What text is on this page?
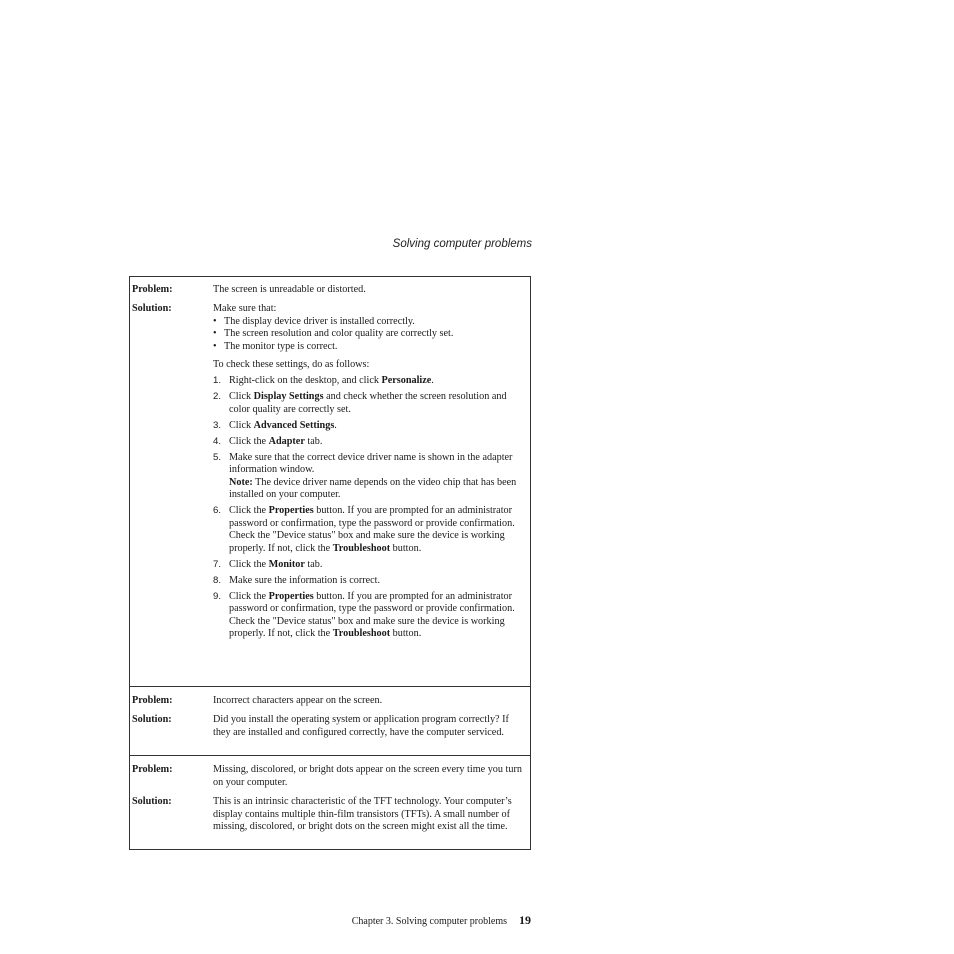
Solving computer problems
Problem:	The screen is unreadable or distorted.

Solution:	Make sure that:

• The display device driver is installed correctly.
• The screen resolution and color quality are correctly set.
• The monitor type is correct.

To check these settings, do as follows:

1. Right-click on the desktop, and click Personalize.
2. Click Display Settings and check whether the screen resolution and color quality are correctly set.
3. Click Advanced Settings.
4. Click the Adapter tab.
5. Make sure that the correct device driver name is shown in the adapter information window.
Note: The device driver name depends on the video chip that has been installed on your computer.
6. Click the Properties button. If you are prompted for an administrator password or confirmation, type the password or provide confirmation. Check the "Device status" box and make sure the device is working properly. If not, click the Troubleshoot button.
7. Click the Monitor tab.
8. Make sure the information is correct.
9. Click the Properties button. If you are prompted for an administrator password or confirmation, type the password or provide confirmation. Check the "Device status" box and make sure the device is working properly. If not, click the Troubleshoot button.
Problem:	Incorrect characters appear on the screen.

Solution:	Did you install the operating system or application program correctly? If they are installed and configured correctly, have the computer serviced.

Problem:	Missing, discolored, or bright dots appear on the screen every time you turn on your computer.

Solution:	This is an intrinsic characteristic of the TFT technology. Your computer’s display contains multiple thin-film transistors (TFTs). A small number of missing, discolored, or bright dots on the screen might exist all the time.

Chapter 3. Solving computer problems 19
